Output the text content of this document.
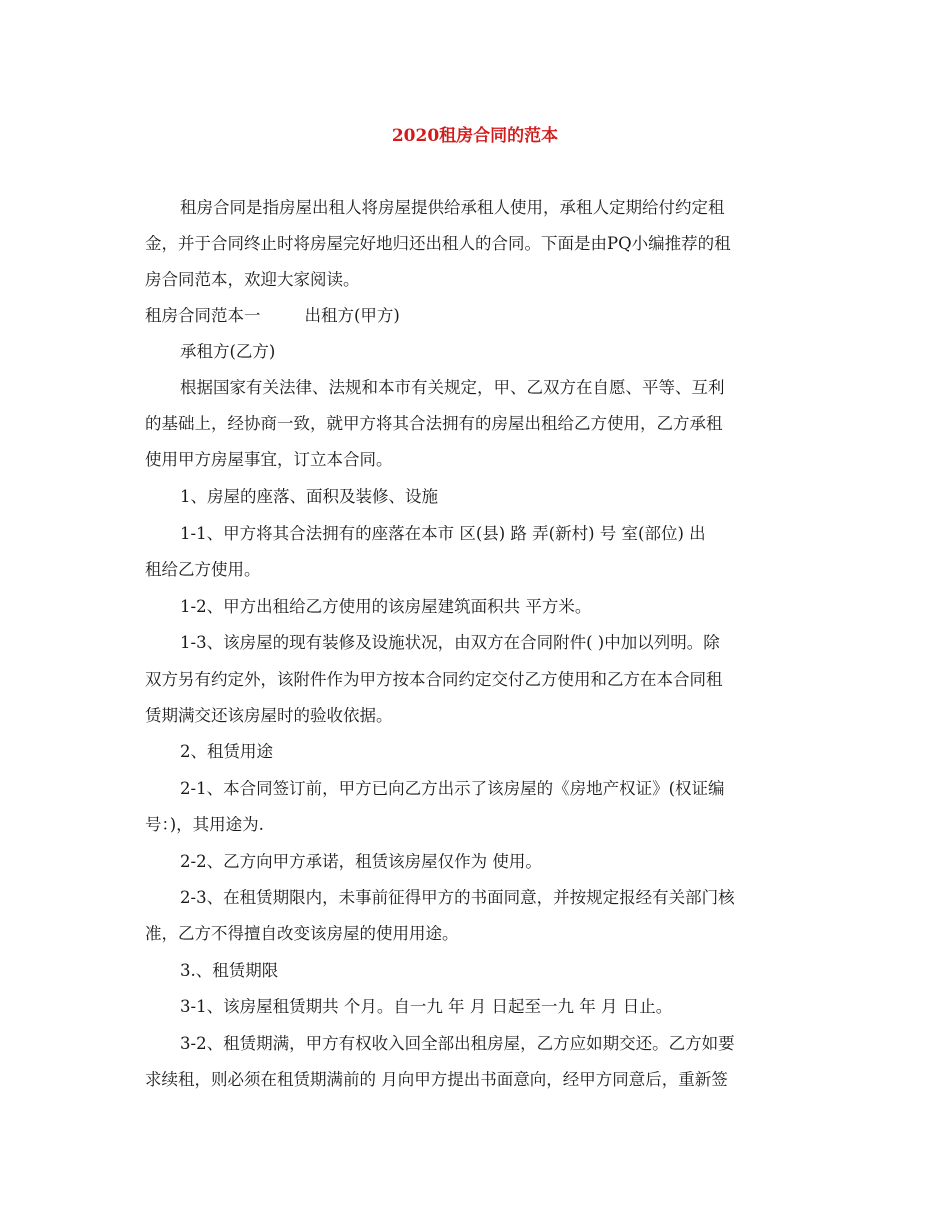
2020租房合同的范本
租房合同是指房屋出租人将房屋提供给承租人使用，承租人定期给付约定租
金，并于合同终止时将房屋完好地归还出租人的合同。下面是由PQ小编推荐的租
房合同范本，欢迎大家阅读。
租房合同范本一	出租方(甲方)
承租方(乙方)
根据国家有关法律、法规和本市有关规定，甲、乙双方在自愿、平等、互利
的基础上，经协商一致，就甲方将其合法拥有的房屋出租给乙方使用，乙方承租
使用甲方房屋事宜，订立本合同。
1、房屋的座落、面积及装修、设施
1-1、甲方将其合法拥有的座落在本市 区(县) 路 弄(新村) 号 室(部位) 出
租给乙方使用。
1-2、甲方出租给乙方使用的该房屋建筑面积共 平方米。
1-3、该房屋的现有装修及设施状况，由双方在合同附件( )中加以列明。除
双方另有约定外，该附件作为甲方按本合同约定交付乙方使用和乙方在本合同租
赁期满交还该房屋时的验收依据。
2、租赁用途
2-1、本合同签订前，甲方已向乙方出示了该房屋的《房地产权证》(权证编
号：)，其用途为.
2-2、乙方向甲方承诺，租赁该房屋仅作为 使用。
2-3、在租赁期限内，未事前征得甲方的书面同意，并按规定报经有关部门核
准，乙方不得擅自改变该房屋的使用用途。
3.、租赁期限
3-1、该房屋租赁期共 个月。自一九 年 月 日起至一九 年 月 日止。
3-2、租赁期满，甲方有权收入回全部出租房屋，乙方应如期交还。乙方如要
求续租，则必须在租赁期满前的 月向甲方提出书面意向，经甲方同意后，重新签
